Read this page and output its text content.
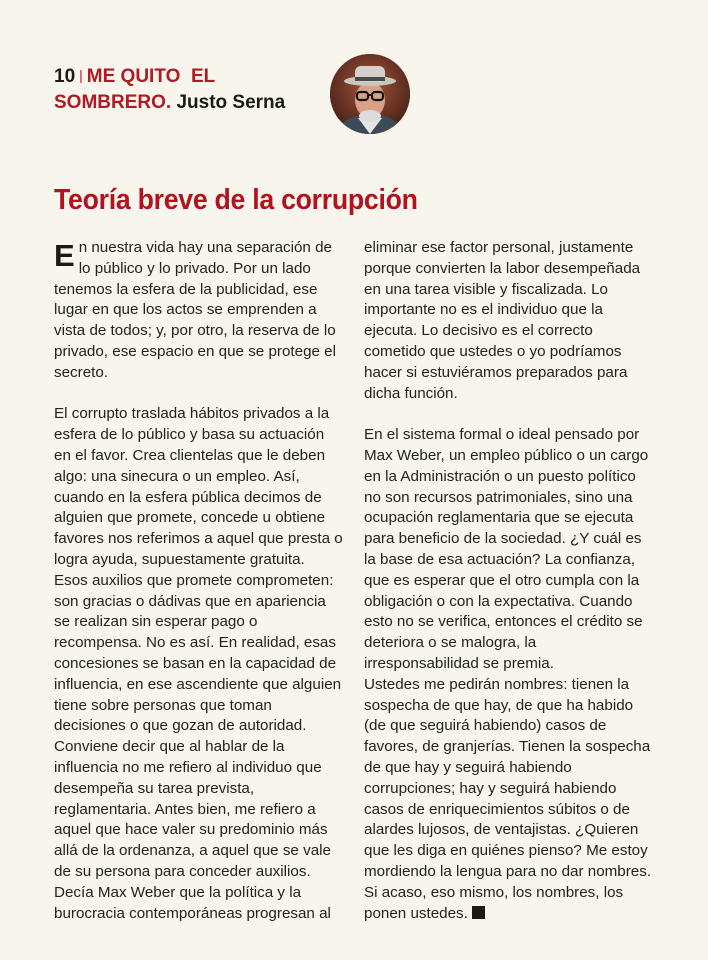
10 | ME QUITO  EL
SOMBRERO. Justo Serna
Teoría breve de la corrupción

En nuestra vida hay una separación de lo público y lo privado. Por un lado tenemos la esfera de la publicidad, ese lugar en que los actos se emprenden a vista de todos; y, por otro, la reserva de lo privado, ese espacio en que se protege el secreto.

El corrupto traslada hábitos privados a la esfera de lo público y basa su actuación en el favor. Crea clientelas que le deben algo: una sinecura o un empleo. Así, cuando en la esfera pública decimos de alguien que promete, concede u obtiene favores nos referimos a aquel que presta o logra ayuda, supuestamente gratuita.

Esos auxilios que promete comprometen: son gracias o dádivas que en apariencia se realizan sin esperar pago o recompensa. No es así. En realidad, esas concesiones se basan en la capacidad de influencia, en ese ascendiente que alguien tiene sobre personas que toman decisiones o que gozan de autoridad. Conviene decir que al hablar de la influencia no me refiero al individuo que desempeña su tarea prevista, reglamentaria. Antes bien, me refiero a aquel que hace valer su predominio más allá de la ordenanza, a aquel que se vale de su persona para conceder auxilios. Decía Max Weber que la política y la burocracia contemporáneas progresan al

eliminar ese factor personal, justamente porque convierten la labor desempeñada en una tarea visible y fiscalizada. Lo importante no es el individuo que la ejecuta. Lo decisivo es el correcto cometido que ustedes o yo podríamos hacer si estuviéramos preparados para dicha función.

En el sistema formal o ideal pensado por Max Weber, un empleo público o un cargo en la Administración o un puesto político no son recursos patrimoniales, sino una ocupación reglamentaria que se ejecuta para beneficio de la sociedad. ¿Y cuál es la base de esa actuación? La confianza, que es esperar que el otro cumpla con la obligación o con la expectativa. Cuando esto no se verifica, entonces el crédito se deteriora o se malogra, la irresponsabilidad se premia.

Ustedes me pedirán nombres: tienen la sospecha de que hay, de que ha habido (de que seguirá habiendo) casos de favores, de granjerías. Tienen la sospecha de que hay y seguirá habiendo corrupciones; hay y seguirá habiendo casos de enriquecimientos súbitos o de alardes lujosos, de ventajistas. ¿Quieren que les diga en quiénes pienso? Me estoy mordiendo la lengua para no dar nombres. Si acaso, eso mismo, los nombres, los ponen ustedes.
